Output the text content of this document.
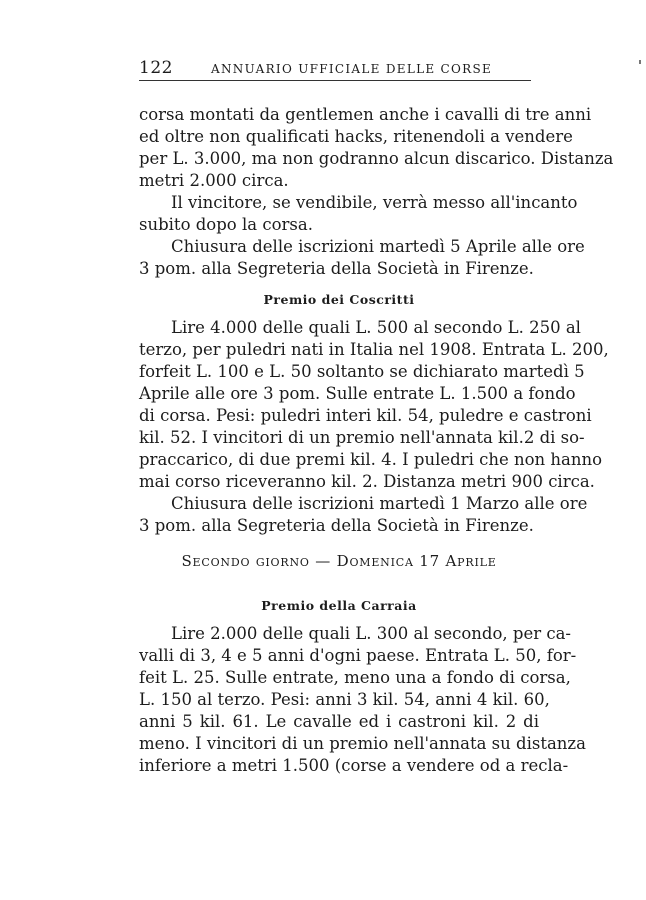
122	ANNUARIO UFFICIALE DELLE CORSE
corsa montati da gentlemen anche i cavalli di tre anni
ed oltre non qualificati hacks, ritenendoli a vendere
per L. 3.000, ma non godranno alcun discarico. Distanza
metri 2.000 circa.
Il vincitore, se vendibile, verrà messo all'incanto
subito dopo la corsa.
Chiusura delle iscrizioni martedì 5 Aprile alle ore
3 pom. alla Segreteria della Società in Firenze.
Premio dei Coscritti
Lire 4.000 delle quali L. 500 al secondo L. 250 al
terzo, per puledri nati in Italia nel 1908. Entrata L. 200,
forfeit L. 100 e L. 50 soltanto se dichiarato martedì 5
Aprile alle ore 3 pom. Sulle entrate L. 1.500 a fondo
di corsa. Pesi: puledri interi kil. 54, puledre e castroni
kil. 52. I vincitori di un premio nell'annata kil.2 di so-
praccarico, di due premi kil. 4. I puledri che non hanno
mai corso riceveranno kil. 2. Distanza metri 900 circa.
Chiusura delle iscrizioni martedì 1 Marzo alle ore
3 pom. alla Segreteria della Società in Firenze.
Secondo giorno — Domenica 17 Aprile
Premio della Carraia
Lire 2.000 delle quali L. 300 al secondo, per ca-
valli di 3, 4 e 5 anni d'ogni paese. Entrata L. 50, for-
feit L. 25. Sulle entrate, meno una a fondo di corsa,
L. 150 al terzo. Pesi: anni 3 kil. 54, anni 4 kil. 60,
anni 5 kil. 61. Le cavalle ed i castroni kil. 2 di
meno. I vincitori di un premio nell'annata su distanza
inferiore a metri 1.500 (corse a vendere od a recla-
